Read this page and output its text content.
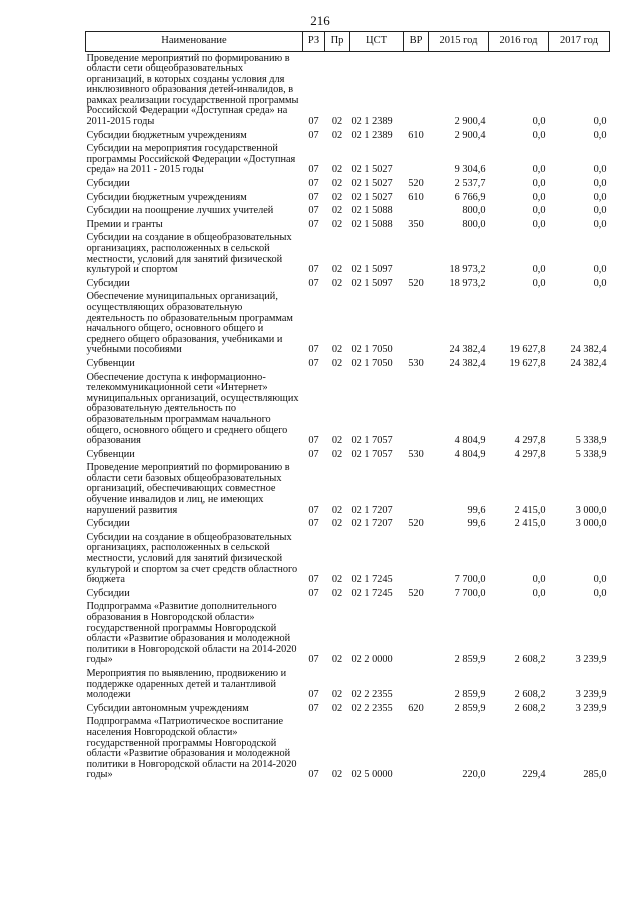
216
Наименование	РЗ	Пр	ЦСТ	ВР	2015 год	2016 год	2017 год
Проведение мероприятий по формированию в области сети общеобразовательных организаций, в которых созданы условия для инклюзивного образования детей-инвалидов, в рамках реализации государственной программы Российской Федерации «Доступная среда» на 2011-2015 годы	07	02	02 1 2389		2 900,4	0,0	0,0
Субсидии бюджетным учреждениям	07	02	02 1 2389	610	2 900,4	0,0	0,0
Субсидии на мероприятия государственной программы Российской Федерации «Доступная среда» на 2011 - 2015 годы	07	02	02 1 5027		9 304,6	0,0	0,0
Субсидии	07	02	02 1 5027	520	2 537,7	0,0	0,0
Субсидии бюджетным учреждениям	07	02	02 1 5027	610	6 766,9	0,0	0,0
Субсидии на поощрение лучших учителей	07	02	02 1 5088		800,0	0,0	0,0
Премии и гранты	07	02	02 1 5088	350	800,0	0,0	0,0
Субсидии на создание в общеобразовательных организациях, расположенных в сельской местности, условий для занятий физической культурой и спортом	07	02	02 1 5097		18 973,2	0,0	0,0
Субсидии	07	02	02 1 5097	520	18 973,2	0,0	0,0
Обеспечение муниципальных организаций, осуществляющих образовательную деятельность по образовательным программам начального общего, основного общего и среднего общего образования, учебниками и учебными пособиями	07	02	02 1 7050		24 382,4	19 627,8	24 382,4
Субвенции	07	02	02 1 7050	530	24 382,4	19 627,8	24 382,4
Обеспечение доступа к информационно-телекоммуникационной сети «Интернет» муниципальных организаций, осуществляющих образовательную деятельность по образовательным программам начального общего, основного общего и среднего общего образования	07	02	02 1 7057		4 804,9	4 297,8	5 338,9
Субвенции	07	02	02 1 7057	530	4 804,9	4 297,8	5 338,9
Проведение мероприятий по формированию в области сети базовых общеобразовательных организаций, обеспечивающих совместное обучение инвалидов и лиц, не имеющих нарушений развития	07	02	02 1 7207		99,6	2 415,0	3 000,0
Субсидии	07	02	02 1 7207	520	99,6	2 415,0	3 000,0
Субсидии на создание в общеобразовательных организациях, расположенных в сельской местности, условий для занятий физической культурой и спортом за счет средств областного бюджета	07	02	02 1 7245		7 700,0	0,0	0,0
Субсидии	07	02	02 1 7245	520	7 700,0	0,0	0,0
Подпрограмма «Развитие дополнительного образования в Новгородской области» государственной программы Новгородской области «Развитие образования и молодежной политики в Новгородской области на 2014-2020 годы»	07	02	02 2 0000		2 859,9	2 608,2	3 239,9
Мероприятия по выявлению, продвижению и поддержке одаренных детей и талантливой молодежи	07	02	02 2 2355		2 859,9	2 608,2	3 239,9
Субсидии автономным учреждениям	07	02	02 2 2355	620	2 859,9	2 608,2	3 239,9
Подпрограмма «Патриотическое воспитание населения Новгородской области» государственной программы Новгородской области «Развитие образования и молодежной политики в Новгородской области на 2014-2020 годы»	07	02	02 5 0000		220,0	229,4	285,0
